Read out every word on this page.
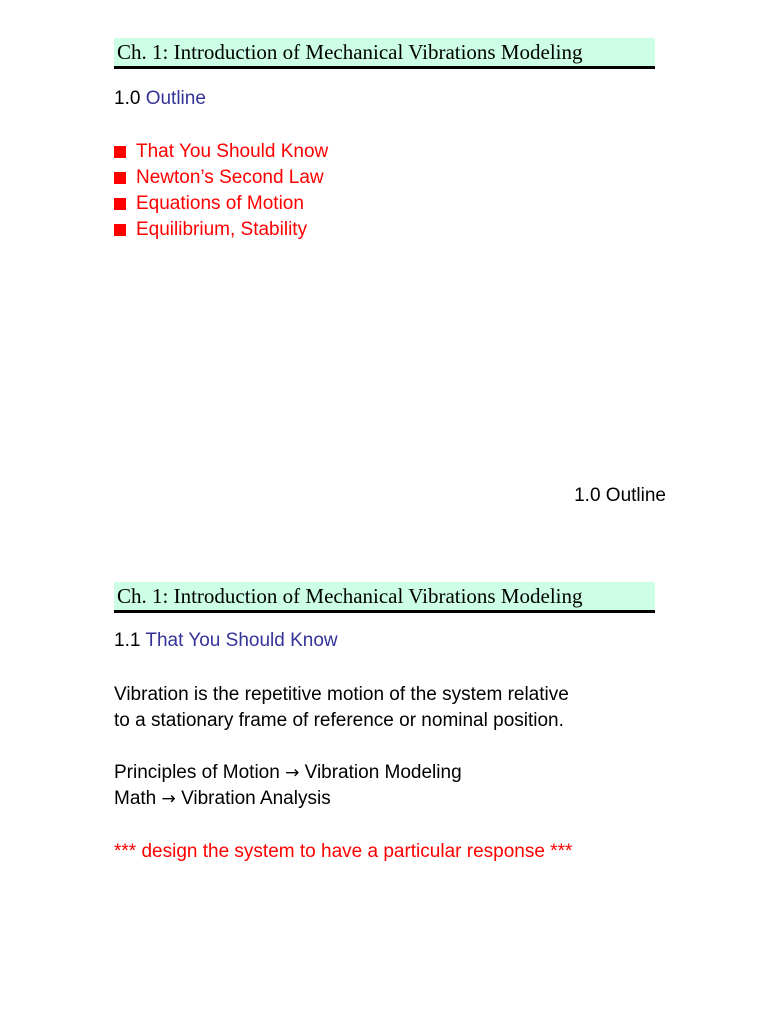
Ch. 1: Introduction of Mechanical Vibrations Modeling
1.0 Outline
That You Should Know
Newton’s Second Law
Equations of Motion
Equilibrium, Stability
1.0 Outline
Ch. 1: Introduction of Mechanical Vibrations Modeling
1.1 That You Should Know
Vibration is the repetitive motion of the system relative
to a stationary frame of reference or nominal position.
Principles of Motion → Vibration Modeling
Math → Vibration Analysis
*** design the system to have a particular response ***
